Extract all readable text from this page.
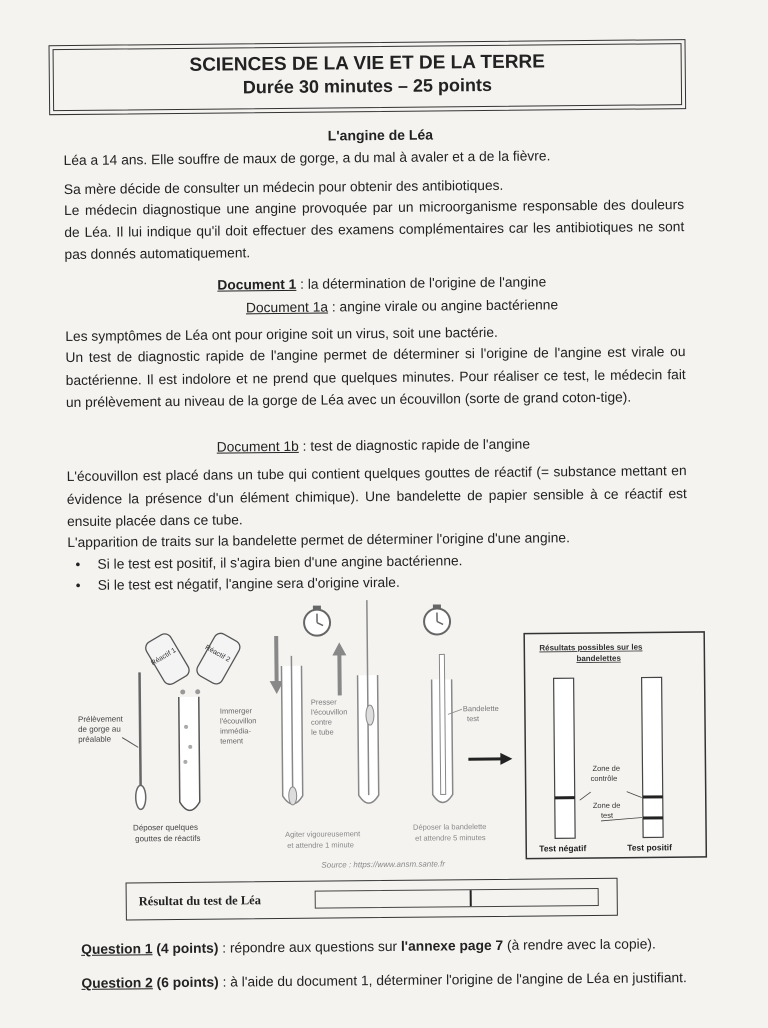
SCIENCES DE LA VIE ET DE LA TERRE
Durée 30 minutes – 25 points
L'angine de Léa

Léa a 14 ans. Elle souffre de maux de gorge, a du mal à avaler et a de la fièvre.

Sa mère décide de consulter un médecin pour obtenir des antibiotiques.

Le médecin diagnostique une angine provoquée par un microorganisme responsable des douleurs de Léa. Il lui indique qu'il doit effectuer des examens complémentaires car les antibiotiques ne sont pas donnés automatiquement.

Document 1 : la détermination de l'origine de l'angine
Document 1a : angine virale ou angine bactérienne

Les symptômes de Léa ont pour origine soit un virus, soit une bactérie.

Un test de diagnostic rapide de l'angine permet de déterminer si l'origine de l'angine est virale ou bactérienne. Il est indolore et ne prend que quelques minutes. Pour réaliser ce test, le médecin fait un prélèvement au niveau de la gorge de Léa avec un écouvillon (sorte de grand coton-tige).

Document 1b : test de diagnostic rapide de l'angine

L'écouvillon est placé dans un tube qui contient quelques gouttes de réactif (= substance mettant en évidence la présence d'un élément chimique). Une bandelette de papier sensible à ce réactif est ensuite placée dans ce tube.

L'apparition de traits sur la bandelette permet de déterminer l'origine d'une angine.

• Si le test est positif, il s'agira bien d'une angine bactérienne.
• Si le test est négatif, l'angine sera d'origine virale.
Prélèvement
de gorge au
préalable
Réactif 1	Réactif 2
Déposer quelques
gouttes de réactifs
Immerger
l'écouvillon
immédia-
tement
Presser
l'écouvillon
contre
le tube
Agiter vigoureusement
et attendre 1 minute
Bandelette
test
Déposer la bandelette
et attendre 5 minutes
Source : https://www.ansm.sante.fr
Résultats possibles sur les
bandelettes
Zone de
contrôle
Zone de
test
Test négatif	Test positif
Résultat du test de Léa
Question 1 (4 points) : répondre aux questions sur l'annexe page 7 (à rendre avec la copie).
Question 2 (6 points) : à l'aide du document 1, déterminer l'origine de l'angine de Léa en justifiant.
